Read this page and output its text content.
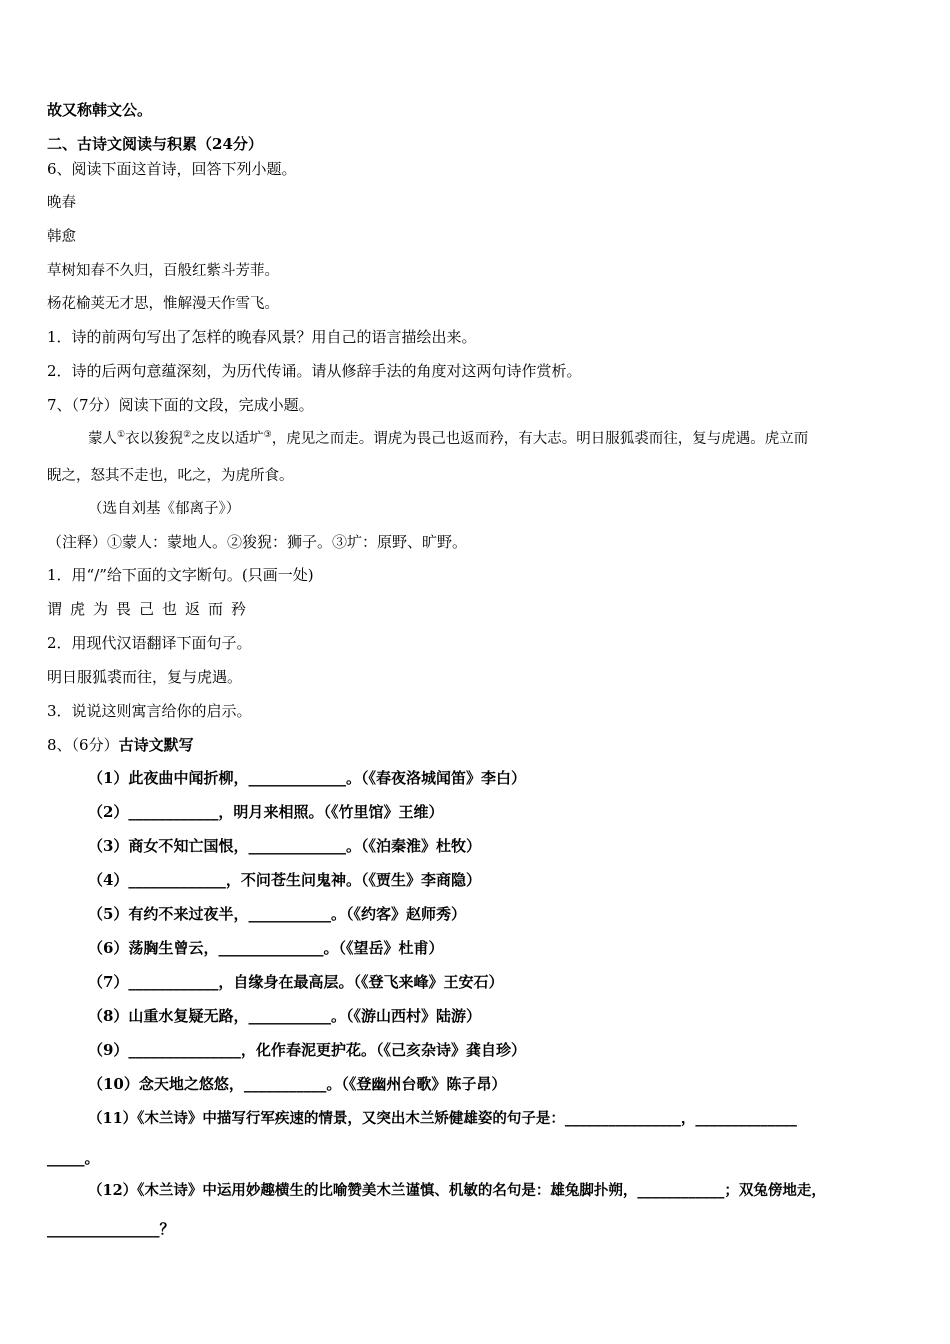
故又称韩文公。
二、古诗文阅读与积累（24分）
6、阅读下面这首诗，回答下列小题。
晚春
韩愈
草树知春不久归，百般红紫斗芳菲。
杨花榆荚无才思，惟解漫天作雪飞。
1．诗的前两句写出了怎样的晚春风景？用自己的语言描绘出来。
2．诗的后两句意蕴深刻，为历代传诵。请从修辞手法的角度对这两句诗作赏析。
7、（7分）阅读下面的文段，完成小题。
蒙人①衣以狻猊②之皮以适圹③，虎见之而走。谓虎为畏己也返而矜，有大志。明日服狐裘而往，复与虎遇。虎立而
睨之，怒其不走也，叱之，为虎所食。
（选自刘基《郁离子》）
（注释）①蒙人：蒙地人。②狻猊：狮子。③圹：原野、旷野。
1．用“/”给下面的文字断句。(只画一处)
谓虎为畏己也返而矜
2．用现代汉语翻译下面句子。
明日服狐裘而往，复与虎遇。
3．说说这则寓言给你的启示。
8、（6分）古诗文默写
（1）此夜曲中闻折柳，_____________。（《春夜洛城闻笛》李白）
（2）____________，明月来相照。（《竹里馆》王维）
（3）商女不知亡国恨，_____________。（《泊秦淮》杜牧）
（4）_____________，不问苍生问鬼神。（《贾生》李商隐）
（5）有约不来过夜半，___________。（《约客》赵师秀）
（6）荡胸生曾云，______________。（《望岳》杜甫）
（7）____________，自缘身在最高层。（《登飞来峰》王安石）
（8）山重水复疑无路，___________。（《游山西村》陆游）
（9）_______________，化作春泥更护花。（《己亥杂诗》龚自珍）
（10）念天地之悠悠，___________。（《登幽州台歌》陈子昂）
（11）《木兰诗》中描写行军疾速的情景，又突出木兰矫健雄姿的句子是：________________，______________
_____。
（12）《木兰诗》中运用妙趣横生的比喻赞美木兰谨慎、机敏的名句是：雄兔脚扑朔，____________；双兔傍地走，
_______________？
